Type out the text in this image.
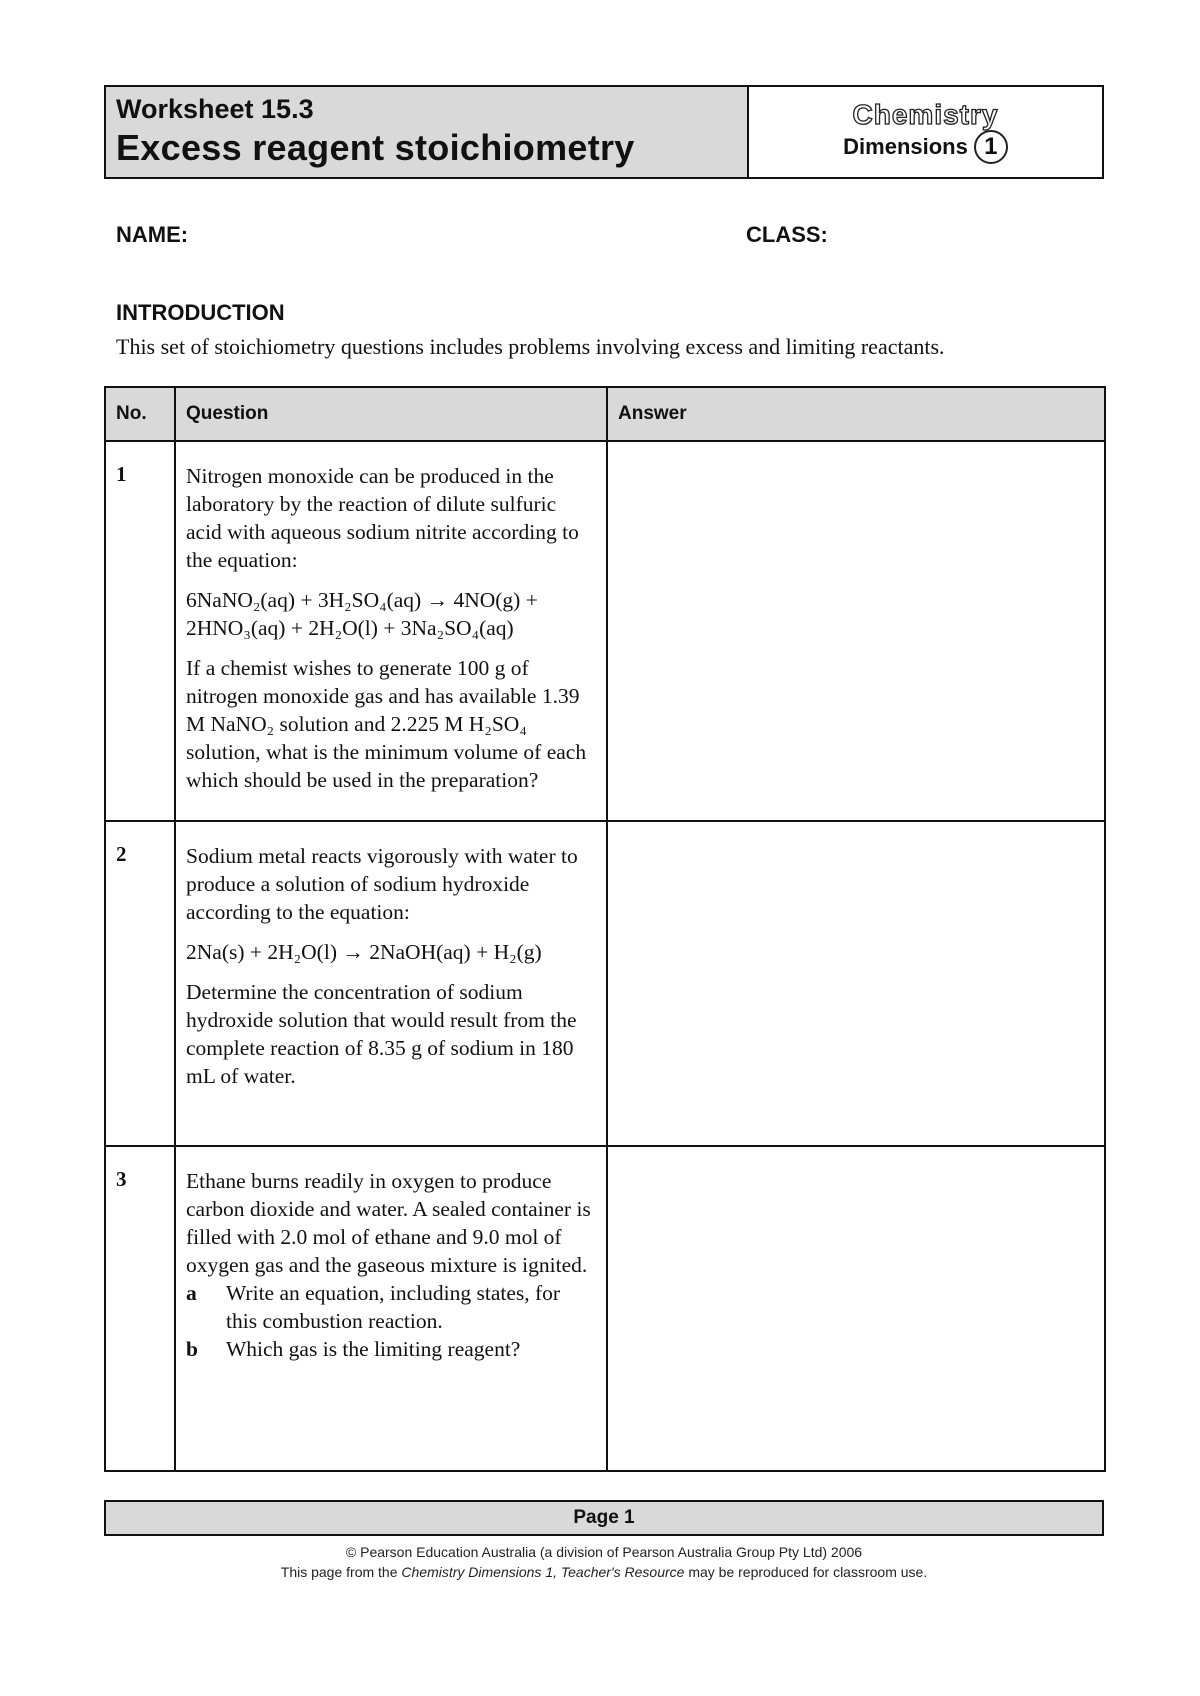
Worksheet 15.3
Excess reagent stoichiometry
Chemistry
Dimensions 1
NAME:	CLASS:
INTRODUCTION
This set of stoichiometry questions includes problems involving excess and limiting reactants.
No.	Question	Answer
1	Nitrogen monoxide can be produced in the laboratory by the reaction of dilute sulfuric acid with aqueous sodium nitrite according to the equation:

6NaNO₂(aq) + 3H₂SO₄(aq) → 4NO(g) + 2HNO₃(aq) + 2H₂O(l) + 3Na₂SO₄(aq)

If a chemist wishes to generate 100 g of nitrogen monoxide gas and has available 1.39 M NaNO₂ solution and 2.225 M H₂SO₄ solution, what is the minimum volume of each which should be used in the preparation?	

2	Sodium metal reacts vigorously with water to produce a solution of sodium hydroxide according to the equation:

2Na(s) + 2H₂O(l) → 2NaOH(aq) + H₂(g)

Determine the concentration of sodium hydroxide solution that would result from the complete reaction of 8.35 g of sodium in 180 mL of water.	

3	Ethane burns readily in oxygen to produce carbon dioxide and water. A sealed container is filled with 2.0 mol of ethane and 9.0 mol of oxygen gas and the gaseous mixture is ignited.

a Write an equation, including states, for this combustion reaction.
b Which gas is the limiting reagent?	

Page 1
© Pearson Education Australia (a division of Pearson Australia Group Pty Ltd) 2006
This page from the Chemistry Dimensions 1, Teacher's Resource may be reproduced for classroom use.
